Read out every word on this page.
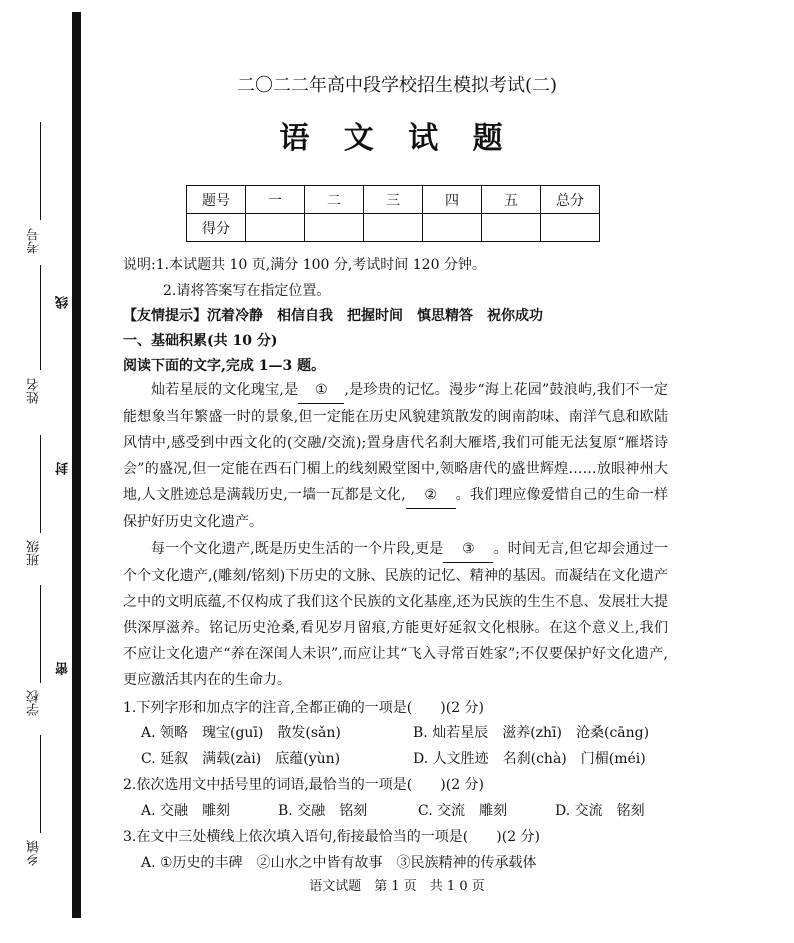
考号
姓名
班级
学校
乡镇
线
封
密
二〇二二年高中段学校招生模拟考试(二)
语 文 试 题
题号	一	二	三	四	五	总分
得分						
说明:1.本试题共 10 页,满分 100 分,考试时间 120 分钟。
2.请将答案写在指定位置。
【友情提示】沉着冷静　相信自我　把握时间　慎思精答　祝你成功
一、基础积累(共 10 分)
阅读下面的文字,完成 1—3 题。
灿若星辰的文化瑰宝,是 ① ,是珍贵的记忆。漫步“海上花园”鼓浪屿,我们不一定能想象当年繁盛一时的景象,但一定能在历史风貌建筑散发的闽南韵味、南洋气息和欧陆风情中,感受到中西文化的(交融/交流);置身唐代名刹大雁塔,我们可能无法复原“雁塔诗会”的盛况,但一定能在西石门楣上的线刻殿堂图中,领略唐代的盛世辉煌……放眼神州大地,人文胜迹总是满载历史,一墙一瓦都是文化, ② 。我们理应像爱惜自己的生命一样保护好历史文化遗产。
每一个文化遗产,既是历史生活的一个片段,更是 ③ 。时间无言,但它却会通过一个个文化遗产,(雕刻/铭刻)下历史的文脉、民族的记忆、精神的基因。而凝结在文化遗产之中的文明底蕴,不仅构成了我们这个民族的文化基座,还为民族的生生不息、发展壮大提供深厚滋养。铭记历史沧桑,看见岁月留痕,方能更好延叙文化根脉。在这个意义上,我们不应让文化遗产“养在深闺人未识”,而应让其“飞入寻常百姓家”;不仅要保护好文化遗产,更应激活其内在的生命力。
1.下列字形和加点字的注音,全都正确的一项是(　　)(2 分)
A. 领略　瑰宝(guī)　散发(sǎn)	B. 灿若星辰　滋养(zhī)　沧桑(cāng)
C. 延叙　满载(zài)　底蕴(yùn)	D. 人文胜迹　名刹(chà)　门楣(méi)
2.依次选用文中括号里的词语,最恰当的一项是(　　)(2 分)
A. 交融　雕刻	B. 交融　铭刻	C. 交流　雕刻	D. 交流　铭刻
3.在文中三处横线上依次填入语句,衔接最恰当的一项是(　　)(2 分)
A. ①历史的丰碑　②山水之中皆有故事　③民族精神的传承载体
语文试题　第 1 页　共 1 0 页
